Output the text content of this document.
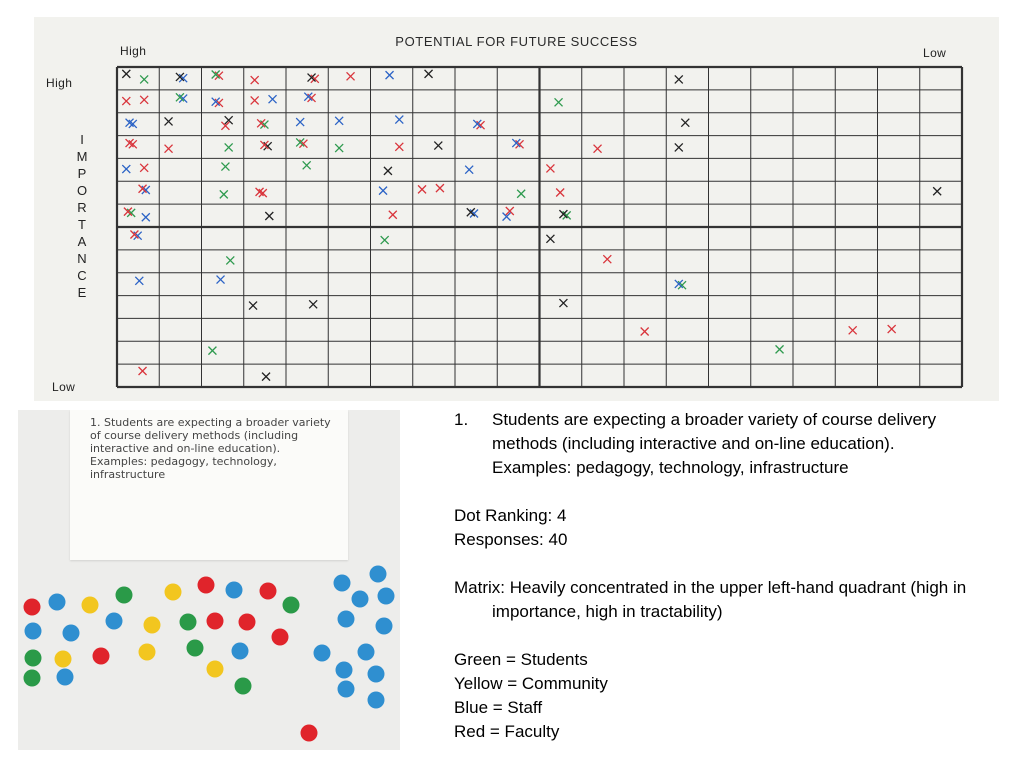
POTENTIAL FOR FUTURE SUCCESS
High	Low
High
Low
I
M
P
O
R
T
A
N
C
E
1. Students are expecting a broader variety of course delivery methods (including interactive and on-line education). Examples: pedagogy, technology, infrastructure
1.	Students are expecting a broader variety of course delivery methods (including interactive and on-line education). Examples: pedagogy, technology, infrastructure
Dot Ranking: 4
Responses: 40
Matrix: Heavily concentrated in the upper left-hand quadrant (high in importance, high in tractability)
Green = Students
Yellow = Community
Blue = Staff
Red = Faculty
